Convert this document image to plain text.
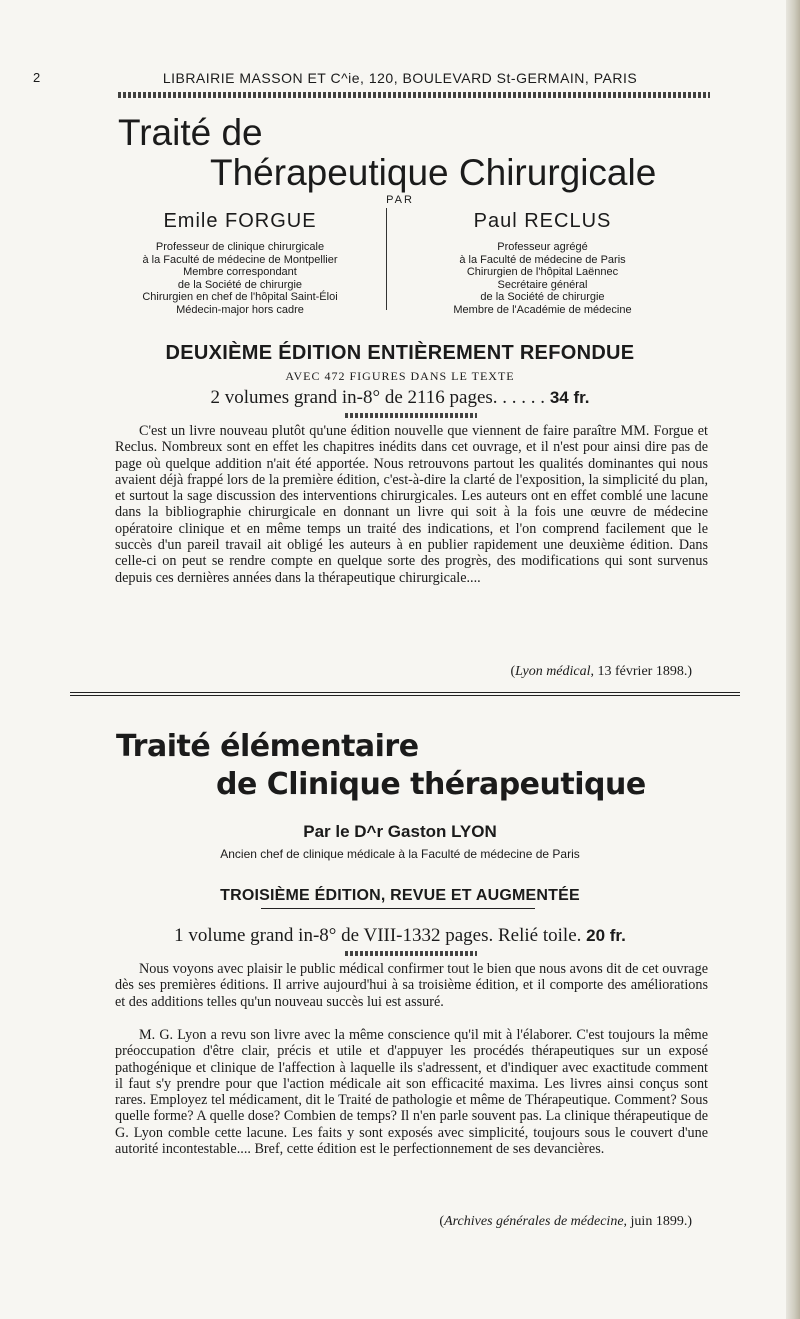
2	LIBRAIRIE MASSON ET C^ie, 120, BOULEVARD St-GERMAIN, PARIS
Traité de
Thérapeutique Chirurgicale
PAR
Emile FORGUE
Professeur de clinique chirurgicale
à la Faculté de médecine de Montpellier
Membre correspondant
de la Société de chirurgie
Chirurgien en chef de l'hôpital Saint-Éloi
Médecin-major hors cadre
Paul RECLUS
Professeur agrégé
à la Faculté de médecine de Paris
Chirurgien de l'hôpital Laënnec
Secrétaire général
de la Société de chirurgie
Membre de l'Académie de médecine
DEUXIÈME ÉDITION ENTIÈREMENT REFONDUE
AVEC 472 FIGURES DANS LE TEXTE
2 volumes grand in-8° de 2116 pages. . . . . . 34 fr.

C'est un livre nouveau plutôt qu'une édition nouvelle que viennent de faire paraître MM. Forgue et Reclus. Nombreux sont en effet les chapitres inédits dans cet ouvrage, et il n'est pour ainsi dire pas de page où quelque addition n'ait été apportée. Nous retrouvons partout les qualités dominantes qui nous avaient déjà frappé lors de la première édition, c'est-à-dire la clarté de l'exposition, la simplicité du plan, et surtout la sage discussion des interventions chirurgicales. Les auteurs ont en effet comblé une lacune dans la bibliographie chirurgicale en donnant un livre qui soit à la fois une œuvre de médecine opératoire clinique et en même temps un traité des indications, et l'on comprend facilement que le succès d'un pareil travail ait obligé les auteurs à en publier rapidement une deuxième édition. Dans celle-ci on peut se rendre compte en quelque sorte des progrès, des modifications qui sont survenus depuis ces dernières années dans la thérapeutique chirurgicale....

(Lyon médical, 13 février 1898.)
Traité élémentaire
de Clinique thérapeutique
Par le D^r Gaston LYON
Ancien chef de clinique médicale à la Faculté de médecine de Paris
TROISIÈME ÉDITION, REVUE ET AUGMENTÉE
1 volume grand in-8° de VIII-1332 pages. Relié toile. 20 fr.

Nous voyons avec plaisir le public médical confirmer tout le bien que nous avons dit de cet ouvrage dès ses premières éditions. Il arrive aujourd'hui à sa troisième édition, et il comporte des améliorations et des additions telles qu'un nouveau succès lui est assuré.

M. G. Lyon a revu son livre avec la même conscience qu'il mit à l'élaborer. C'est toujours la même préoccupation d'être clair, précis et utile et d'appuyer les procédés thérapeutiques sur un exposé pathogénique et clinique de l'affection à laquelle ils s'adressent, et d'indiquer avec exactitude comment il faut s'y prendre pour que l'action médicale ait son efficacité maxima. Les livres ainsi conçus sont rares. Employez tel médicament, dit le Traité de pathologie et même de Thérapeutique. Comment? Sous quelle forme? A quelle dose? Combien de temps? Il n'en parle souvent pas. La clinique thérapeutique de G. Lyon comble cette lacune. Les faits y sont exposés avec simplicité, toujours sous le couvert d'une autorité incontestable.... Bref, cette édition est le perfectionnement de ses devancières.

(Archives générales de médecine, juin 1899.)
